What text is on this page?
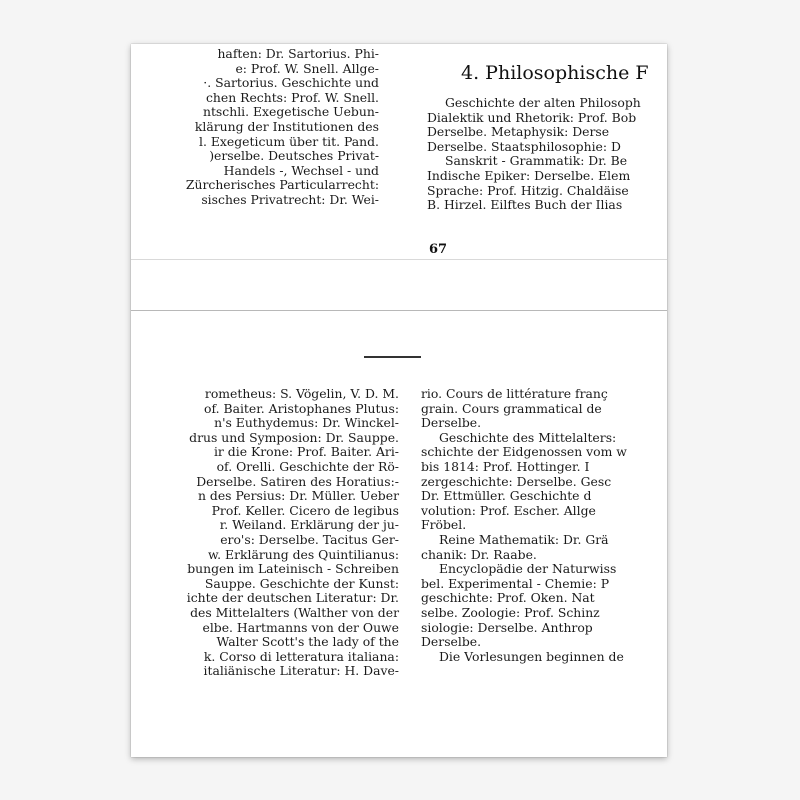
haften: Dr. Sartorius. Phi-
e: Prof. W. Snell. Allge-
·. Sartorius. Geschichte und
chen Rechts: Prof. W. Snell.
ntschli. Exegetische Uebun-
klärung der Institutionen des
l. Exegeticum über tit. Pand.
)erselbe. Deutsches Privat-
Handels -, Wechsel - und
Zürcherisches Particularrecht:
sisches Privatrecht: Dr. Wei-
4. Philosophische F
Geschichte der alten Philosoph
Dialektik und Rhetorik: Prof. Bob
Derselbe. Metaphysik: Derse
Derselbe. Staatsphilosophie: D
Sanskrit - Grammatik: Dr. Be
Indische Epiker: Derselbe. Elem
Sprache: Prof. Hitzig. Chaldäise
B. Hirzel. Eilftes Buch der Ilias
67
rometheus: S. Vögelin, V. D. M.
of. Baiter. Aristophanes Plutus:
n's Euthydemus: Dr. Winckel-
drus und Symposion: Dr. Sauppe.
ir die Krone: Prof. Baiter. Ari-
of. Orelli. Geschichte der Rö-
Derselbe. Satiren des Horatius:-
n des Persius: Dr. Müller. Ueber
Prof. Keller. Cicero de legibus
r. Weiland. Erklärung der ju-
ero's: Derselbe. Tacitus Ger-
w. Erklärung des Quintilianus:
bungen im Lateinisch - Schreiben
Sauppe. Geschichte der Kunst:
ichte der deutschen Literatur: Dr.
des Mittelalters (Walther von der
elbe. Hartmanns von der Ouwe
Walter Scott's the lady of the
k. Corso di letteratura italiana:
italiänische Literatur: H. Dave-
rio. Cours de littérature franç
grain. Cours grammatical de
Derselbe.
Geschichte des Mittelalters:
schichte der Eidgenossen vom w
bis 1814: Prof. Hottinger. I
zergeschichte: Derselbe. Gesc
Dr. Ettmüller. Geschichte d
volution: Prof. Escher. Allge
Fröbel.
Reine Mathematik: Dr. Grä
chanik: Dr. Raabe.
Encyclopädie der Naturwiss
bel. Experimental - Chemie: P
geschichte: Prof. Oken. Nat
selbe. Zoologie: Prof. Schinz
siologie: Derselbe. Anthrop
Derselbe.
Die Vorlesungen beginnen de
